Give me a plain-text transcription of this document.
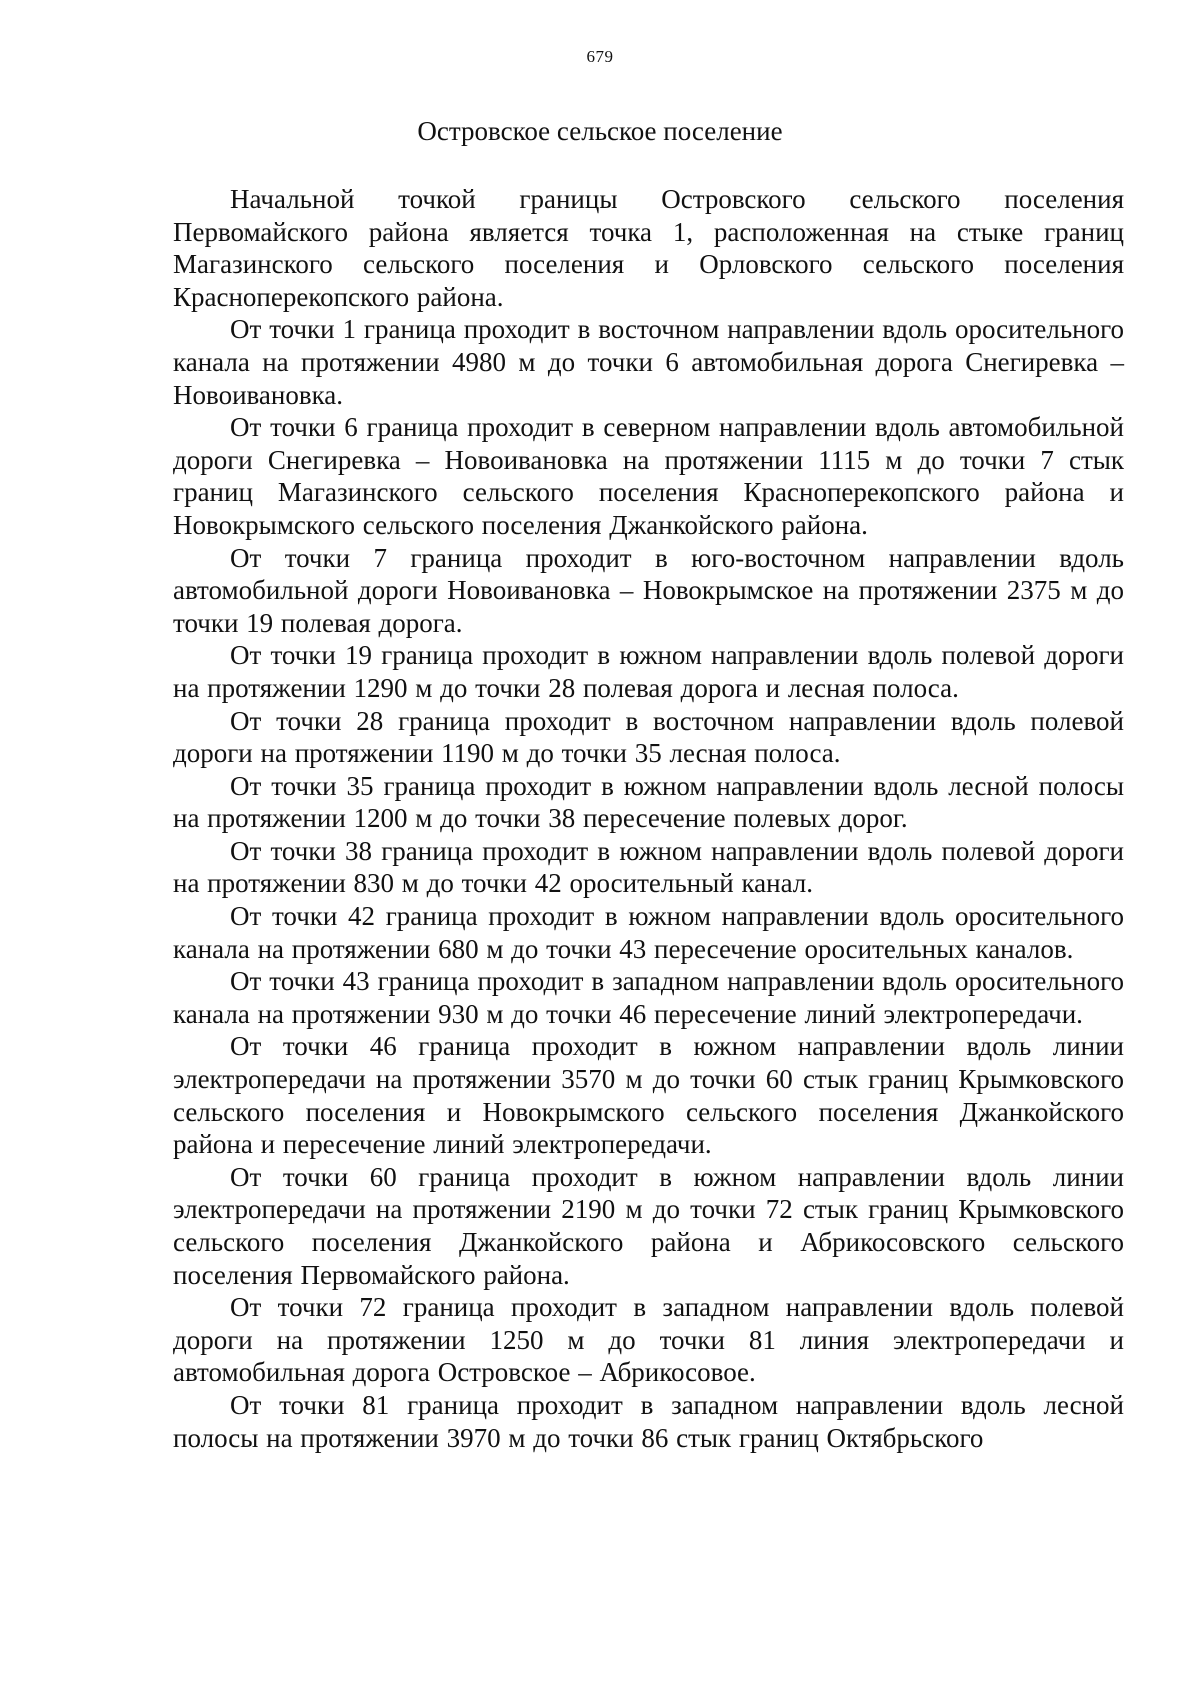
679
Островское сельское поселение

Начальной точкой границы Островского сельского поселения Первомайского района является точка 1, расположенная на стыке границ Магазинского сельского поселения и Орловского сельского поселения Красноперекопского района.

От точки 1 граница проходит в восточном направлении вдоль оросительного канала на протяжении 4980 м до точки 6 автомобильная дорога Снегиревка – Новоивановка.

От точки 6 граница проходит в северном направлении вдоль автомобильной дороги Снегиревка – Новоивановка на протяжении 1115 м до точки 7 стык границ Магазинского сельского поселения Красноперекопского района и Новокрымского сельского поселения Джанкойского района.

От точки 7 граница проходит в юго-восточном направлении вдоль автомобильной дороги Новоивановка – Новокрымское на протяжении 2375 м до точки 19 полевая дорога.

От точки 19 граница проходит в южном направлении вдоль полевой дороги на протяжении 1290 м до точки 28 полевая дорога и лесная полоса.

От точки 28 граница проходит в восточном направлении вдоль полевой дороги на протяжении 1190 м до точки 35 лесная полоса.

От точки 35 граница проходит в южном направлении вдоль лесной полосы на протяжении 1200 м до точки 38 пересечение полевых дорог.

От точки 38 граница проходит в южном направлении вдоль полевой дороги на протяжении 830 м до точки 42 оросительный канал.

От точки 42 граница проходит в южном направлении вдоль оросительного канала на протяжении 680 м до точки 43 пересечение оросительных каналов.

От точки 43 граница проходит в западном направлении вдоль оросительного канала на протяжении 930 м до точки 46 пересечение линий электропередачи.

От точки 46 граница проходит в южном направлении вдоль линии электропередачи на протяжении 3570 м до точки 60 стык границ Крымковского сельского поселения и Новокрымского сельского поселения Джанкойского района и пересечение линий электропередачи.

От точки 60 граница проходит в южном направлении вдоль линии электропередачи на протяжении 2190 м до точки 72 стык границ Крымковского сельского поселения Джанкойского района и Абрикосовского сельского поселения Первомайского района.

От точки 72 граница проходит в западном направлении вдоль полевой дороги на протяжении 1250 м до точки 81 линия электропередачи и автомобильная дорога Островское – Абрикосовое.

От точки 81 граница проходит в западном направлении вдоль лесной полосы на протяжении 3970 м до точки 86 стык границ Октябрьского
